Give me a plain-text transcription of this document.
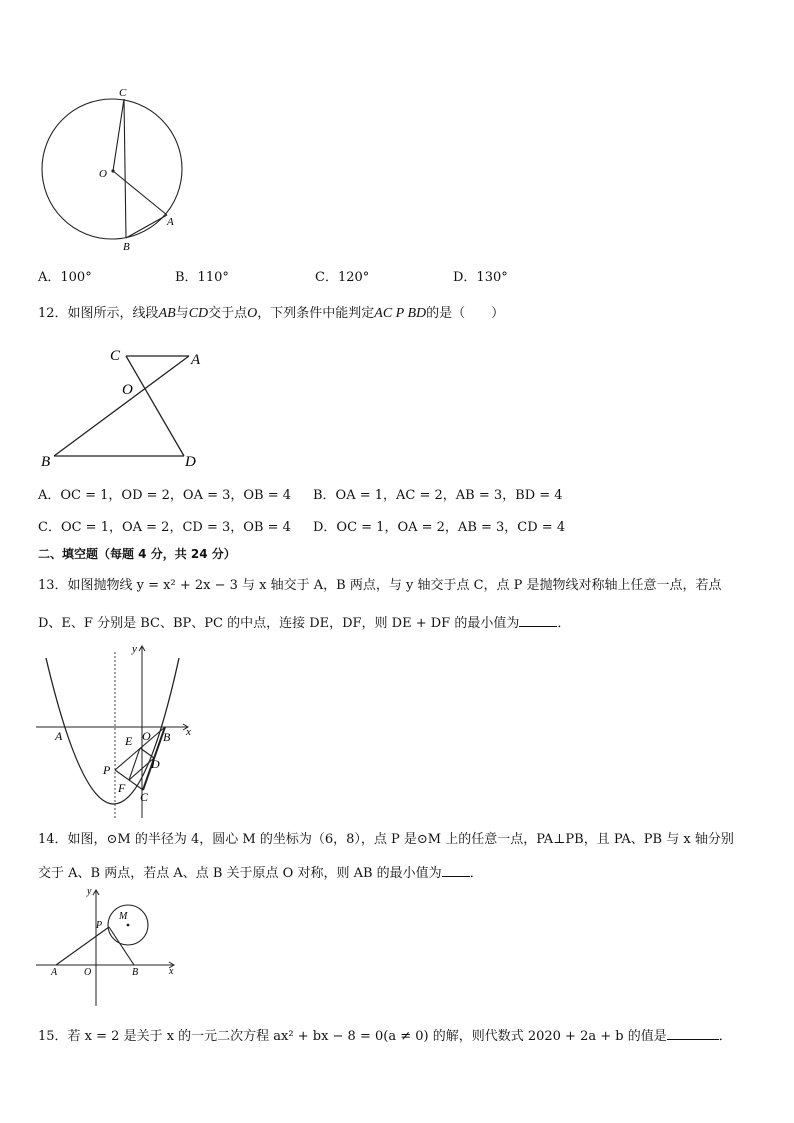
C
O
A
B
A．100°	B．110°	C．120°	D．130°
12．如图所示，线段AB与CD交于点O，下列条件中能判定AC P BD的是（　　）
C	A
O
B	D
A．OC = 1，OD = 2，OA = 3，OB = 4 B．OA = 1，AC = 2，AB = 3，BD = 4
C．OC = 1，OA = 2，CD = 3，OB = 4 D．OC = 1，OA = 2，AB = 3，CD = 4
二、填空题（每题 4 分，共 24 分）
13．如图抛物线 y = x² + 2x − 3 与 x 轴交于 A，B 两点，与 y 轴交于点 C，点 P 是抛物线对称轴上任意一点，若点
D、E、F 分别是 BC、BP、PC 的中点，连接 DE，DF，则 DE + DF 的最小值为	．
y
x
A	E O B
P	D
F
C
14．如图，⊙M 的半径为 4，圆心 M 的坐标为（6，8），点 P 是⊙M 上的任意一点，PA⊥PB，且 PA、PB 与 x 轴分别
交于 A、B 两点，若点 A、点 B 关于原点 O 对称，则 AB 的最小值为 ．
y
x
M
P
A	O	B
15．若 x = 2 是关于 x 的一元二次方程 ax² + bx − 8 = 0(a ≠ 0) 的解，则代数式 2020 + 2a + b 的值是	．
